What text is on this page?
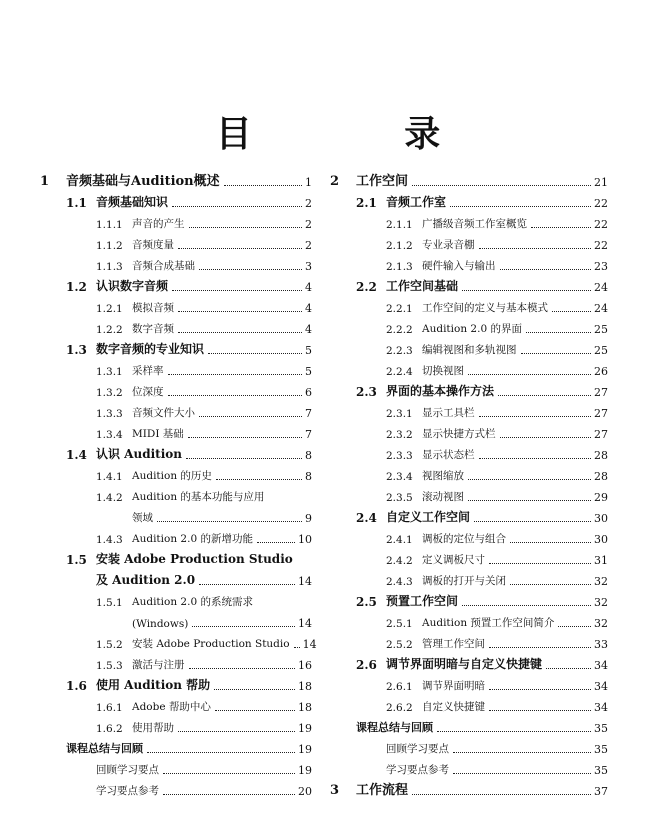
目 录
1	音频基础与Audition概述	1
1.1 音频基础知识	2
1.1.1 声音的产生	2
1.1.2 音频度量	2
1.1.3 音频合成基础	3
1.2 认识数字音频	4
1.2.1 模拟音频	4
1.2.2 数字音频	4
1.3 数字音频的专业知识	5
1.3.1 采样率	5
1.3.2 位深度	6
1.3.3 音频文件大小	7
1.3.4 MIDI 基础	7
1.4 认识 Audition	8
1.4.1 Audition 的历史	8
1.4.2 Audition 的基本功能与应用
领域	9
1.4.3 Audition 2.0 的新增功能	10
1.5 安装 Adobe Production Studio
及 Audition 2.0	14
1.5.1 Audition 2.0 的系统需求
(Windows)	14
1.5.2 安装 Adobe Production Studio 14
1.5.3 激活与注册	16
1.6 使用 Audition 帮助	18
1.6.1 Adobe 帮助中心	18
1.6.2 使用帮助	19
课程总结与回顾	19
回顾学习要点	19
学习要点参考	20
2	工作空间	21
2.1 音频工作室	22
2.1.1 广播级音频工作室概览	22
2.1.2 专业录音棚	22
2.1.3 硬件输入与输出	23
2.2 工作空间基础	24
2.2.1 工作空间的定义与基本模式	24
2.2.2 Audition 2.0 的界面	25
2.2.3 编辑视图和多轨视图	25
2.2.4 切换视图	26
2.3 界面的基本操作方法	27
2.3.1 显示工具栏	27
2.3.2 显示快捷方式栏	27
2.3.3 显示状态栏	28
2.3.4 视图缩放	28
2.3.5 滚动视图	29
2.4 自定义工作空间	30
2.4.1 调板的定位与组合	30
2.4.2 定义调板尺寸	31
2.4.3 调板的打开与关闭	32
2.5 预置工作空间	32
2.5.1 Audition 预置工作空间简介	32
2.5.2 管理工作空间	33
2.6 调节界面明暗与自定义快捷键	34
2.6.1 调节界面明暗	34
2.6.2 自定义快捷键	34
课程总结与回顾	35
回顾学习要点	35
学习要点参考	35
3	工作流程	37
